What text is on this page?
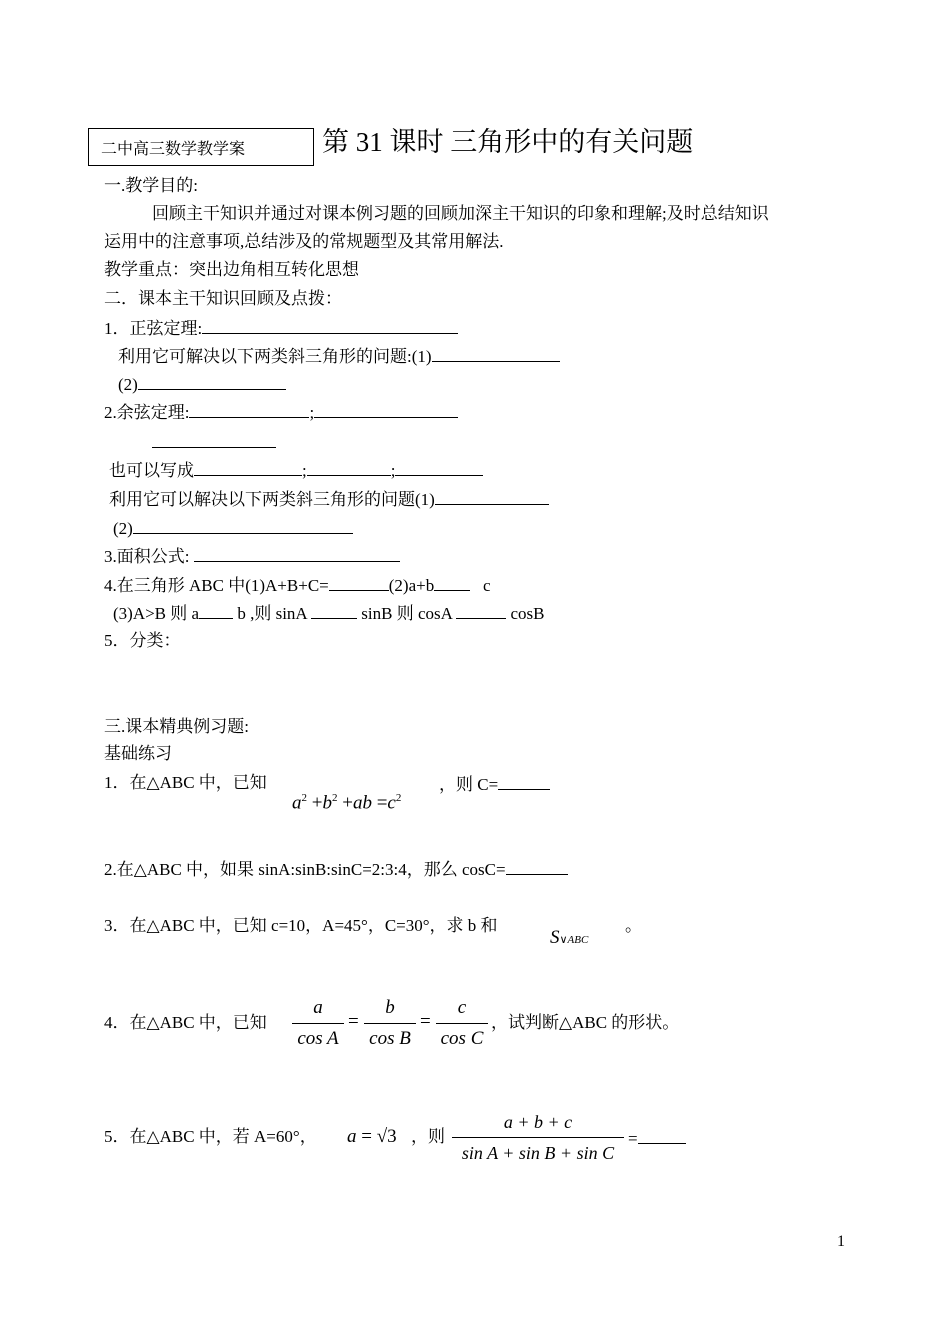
二中高三数学教学案	第 31 课时 三角形中的有关问题
一.教学目的:
回顾主干知识并通过对课本例习题的回顾加深主干知识的印象和理解;及时总结知识
运用中的注意事项,总结涉及的常规题型及其常用解法.
教学重点：突出边角相互转化思想
二．课本主干知识回顾及点拨：
1．正弦定理:
利用它可解决以下两类斜三角形的问题:(1)
(2)
2.余弦定理:	;
也可以写成	;	;
利用它可以解决以下两类斜三角形的问题(1)
(2)
3.面积公式:
4.在三角形 ABC 中(1)A+B+C=	(2)a+b	c
(3)A>B 则 a b ,则 sinA	sinB 则 cosA	cosB
5．分类：
三.课本精典例习题:
基础练习
1．在△ABC 中，已知
$a^2 +b^2 +ab =c^2$
，则 C=
2.在△ABC 中，如果 sinA:sinB:sinC=2:3:4，那么 cosC=
3．在△ABC 中，已知 c=10，A=45°，C=30°，求 b 和
S∨ABC
。
4．在△ABC 中，已知
a
cos A
=
b
cos B
=
c
cos C
，试判断△ABC 的形状。
5．在△ABC 中，若 A=60°， a = √3 ，则
a + b + c
sin A + sin B + sin C
=
1
